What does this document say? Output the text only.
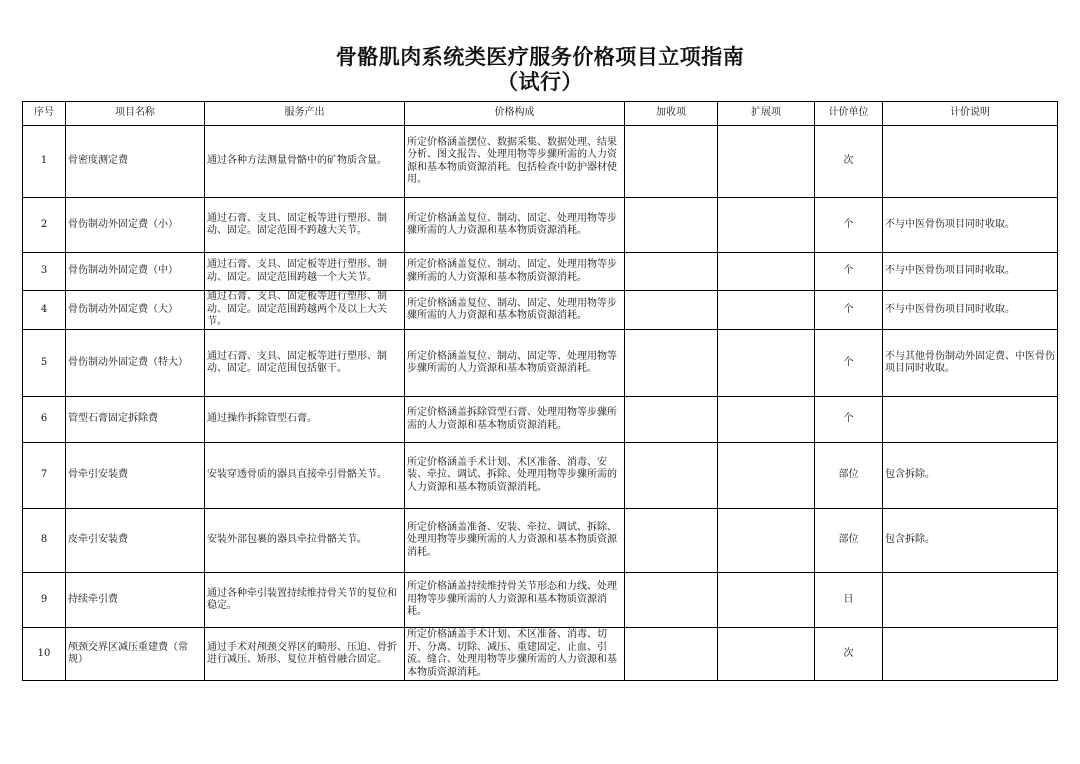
骨骼肌肉系统类医疗服务价格项目立项指南
（试行）
序号	项目名称	服务产出	价格构成	加收项	扩展项	计价单位	计价说明
1	骨密度测定费	通过各种方法测量骨骼中的矿物质含量。	所定价格涵盖摆位、数据采集、数据处理、结果分析、图文报告、处理用物等步骤所需的人力资源和基本物质资源消耗。包括检查中防护器材使用。			次	
2	骨伤制动外固定费（小）	通过石膏、支具、固定板等进行塑形、制动、固定。固定范围不跨越大关节。	所定价格涵盖复位、制动、固定、处理用物等步骤所需的人力资源和基本物质资源消耗。			个	不与中医骨伤项目同时收取。
3	骨伤制动外固定费（中）	通过石膏、支具、固定板等进行塑形、制动、固定。固定范围跨越一个大关节。	所定价格涵盖复位、制动、固定、处理用物等步骤所需的人力资源和基本物质资源消耗。			个	不与中医骨伤项目同时收取。
4	骨伤制动外固定费（大）	通过石膏、支具、固定板等进行塑形、制动、固定。固定范围跨越两个及以上大关节。	所定价格涵盖复位、制动、固定、处理用物等步骤所需的人力资源和基本物质资源消耗。			个	不与中医骨伤项目同时收取。
5	骨伤制动外固定费（特大）	通过石膏、支具、固定板等进行塑形、制动、固定。固定范围包括躯干。	所定价格涵盖复位、制动、固定等、处理用物等步骤所需的人力资源和基本物质资源消耗。			个	不与其他骨伤制动外固定费、中医骨伤项目同时收取。
6	管型石膏固定拆除费	通过操作拆除管型石膏。	所定价格涵盖拆除管型石膏、处理用物等步骤所需的人力资源和基本物质资源消耗。			个	
7	骨牵引安装费	安装穿透骨质的器具直接牵引骨骼关节。	所定价格涵盖手术计划、术区准备、消毒、安装、牵拉、调试、拆除、处理用物等步骤所需的人力资源和基本物质资源消耗。			部位	包含拆除。
8	皮牵引安装费	安装外部包裹的器具牵拉骨骼关节。	所定价格涵盖准备、安装、牵拉、调试、拆除、处理用物等步骤所需的人力资源和基本物质资源消耗。			部位	包含拆除。
9	持续牵引费	通过各种牵引装置持续维持骨关节的复位和稳定。	所定价格涵盖持续维持骨关节形态和力线、处理用物等步骤所需的人力资源和基本物质资源消耗。			日	
10	颅颈交界区减压重建费（常规）	通过手术对颅颈交界区的畸形、压迫、骨折进行减压、矫形、复位并植骨融合固定。	所定价格涵盖手术计划、术区准备、消毒、切开、分离、切除、减压、重建固定、止血、引流、缝合、处理用物等步骤所需的人力资源和基本物质资源消耗。			次	
